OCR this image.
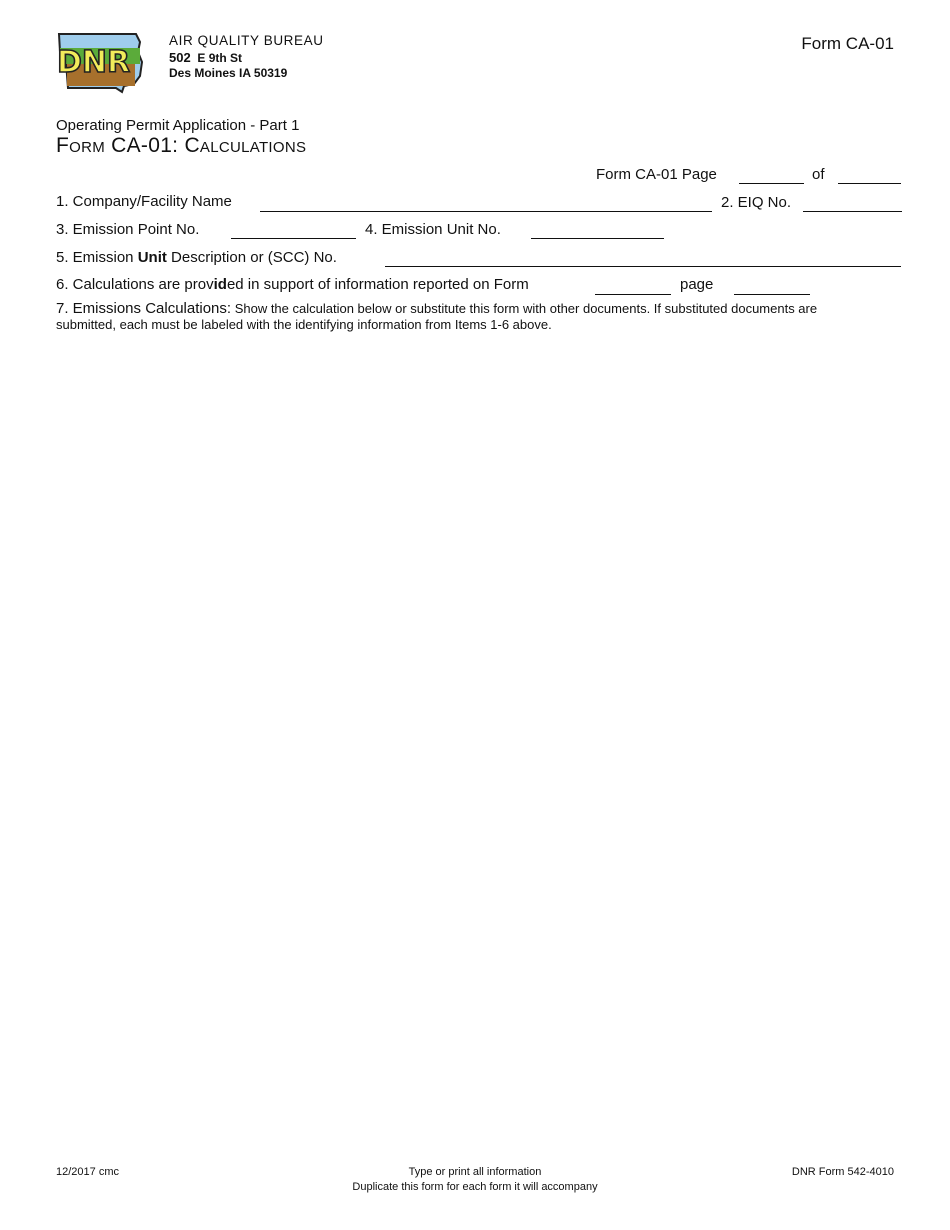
DNR
AIR QUALITY BUREAU
502 E 9th St
Des Moines IA 50319
Form CA-01
Operating Permit Application - Part 1
Form CA-01: Calculations
Form CA-01 Page	of
1. Company/Facility Name	2. EIQ No.
3. Emission Point No.	4. Emission Unit No.
5. Emission Unit Description or (SCC) No.
6. Calculations are provided in support of information reported on Form	page
7. Emissions Calculations: Show the calculation below or substitute this form with other documents. If substituted documents are submitted, each must be labeled with the identifying information from Items 1-6 above.
12/2017 cmc	Type or print all information
Duplicate this form for each form it will accompany
DNR Form 542-4010
